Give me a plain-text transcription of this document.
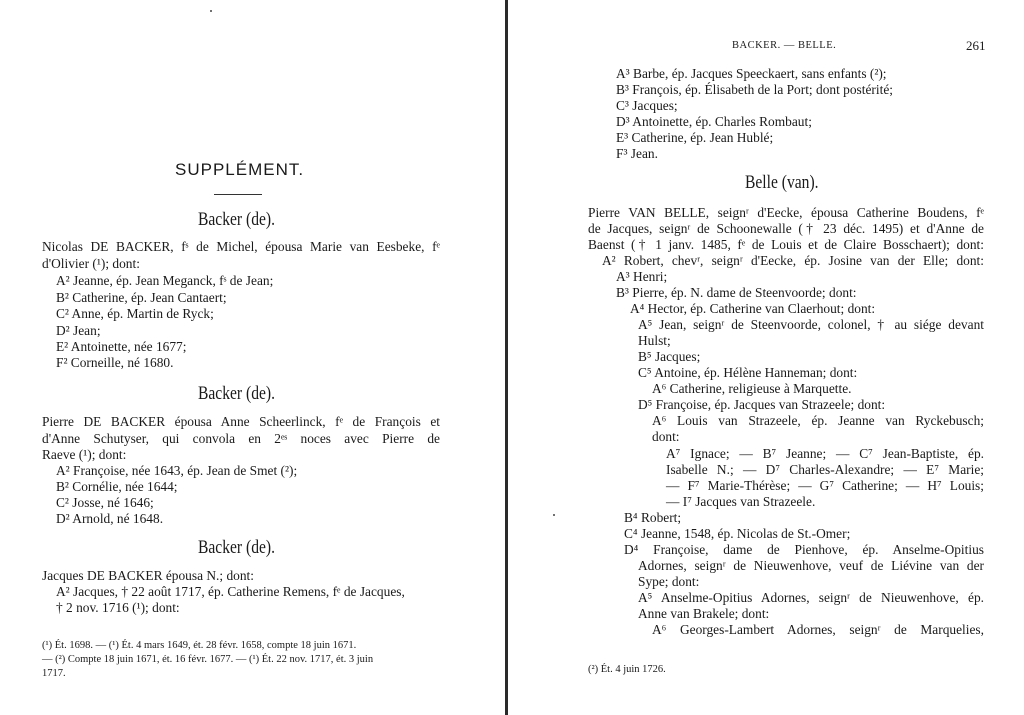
SUPPLÉMENT.
Backer (de).
Nicolas DE BACKER, fˢ de Michel, épousa Marie van Eesbeke, fᵉ
d'Olivier (¹); dont:
A² Jeanne, ép. Jean Meganck, fˢ de Jean;
B² Catherine, ép. Jean Cantaert;
C² Anne, ép. Martin de Ryck;
D² Jean;
E² Antoinette, née 1677;
F² Corneille, né 1680.
Backer (de).
Pierre DE BACKER épousa Anne Scheerlinck, fᵉ de François et
d'Anne Schutyser, qui convola en 2ᵉˢ noces avec Pierre de
Raeve (¹); dont:
A² Françoise, née 1643, ép. Jean de Smet (²);
B² Cornélie, née 1644;
C² Josse, né 1646;
D² Arnold, né 1648.
Backer (de).
Jacques DE BACKER épousa N.; dont:
A² Jacques, † 22 août 1717, ép. Catherine Remens, fᵉ de Jacques,
† 2 nov. 1716 (¹); dont:
(¹) Ét. 1698. — (¹) Ét. 4 mars 1649, ét. 28 févr. 1658, compte 18 juin 1671.
— (²) Compte 18 juin 1671, ét. 16 févr. 1677. — (¹) Ét. 22 nov. 1717, ét. 3 juin
1717.
BACKER. — BELLE.	261
A³ Barbe, ép. Jacques Speeckaert, sans enfants (²);
B³ François, ép. Élisabeth de la Port; dont postérité;
C³ Jacques;
D³ Antoinette, ép. Charles Rombaut;
E³ Catherine, ép. Jean Hublé;
F³ Jean.
Belle (van).
Pierre VAN BELLE, seignʳ d'Eecke, épousa Catherine Boudens, fᵉ
de Jacques, seignʳ de Schoonewalle († 23 déc. 1495) et d'Anne de
Baenst († 1 janv. 1485, fᵉ de Louis et de Claire Bosschaert); dont:
A² Robert, chevʳ, seignʳ d'Eecke, ép. Josine van der Elle; dont:
A³ Henri;
B³ Pierre, ép. N. dame de Steenvoorde; dont:
A⁴ Hector, ép. Catherine van Claerhout; dont:
A⁵ Jean, seignʳ de Steenvoorde, colonel, † au siége devant
Hulst;
B⁵ Jacques;
C⁵ Antoine, ép. Hélène Hanneman; dont:
A⁶ Catherine, religieuse à Marquette.
D⁵ Françoise, ép. Jacques van Strazeele; dont:
A⁶ Louis van Strazeele, ép. Jeanne van Ryckebusch;
dont:
A⁷ Ignace; — B⁷ Jeanne; — C⁷ Jean-Baptiste, ép.
Isabelle N.; — D⁷ Charles-Alexandre; — E⁷ Marie;
— F⁷ Marie-Thérèse; — G⁷ Catherine; — H⁷ Louis;
— I⁷ Jacques van Strazeele.
B⁴ Robert;
C⁴ Jeanne, 1548, ép. Nicolas de St.-Omer;
D⁴ Françoise, dame de Pienhove, ép. Anselme-Opitius
Adornes, seignʳ de Nieuwenhove, veuf de Liévine van der
Sype; dont:
A⁵ Anselme-Opitius Adornes, seignʳ de Nieuwenhove, ép.
Anne van Brakele; dont:
A⁶ Georges-Lambert Adornes, seignʳ de Marquelies,
(²) Ét. 4 juin 1726.
